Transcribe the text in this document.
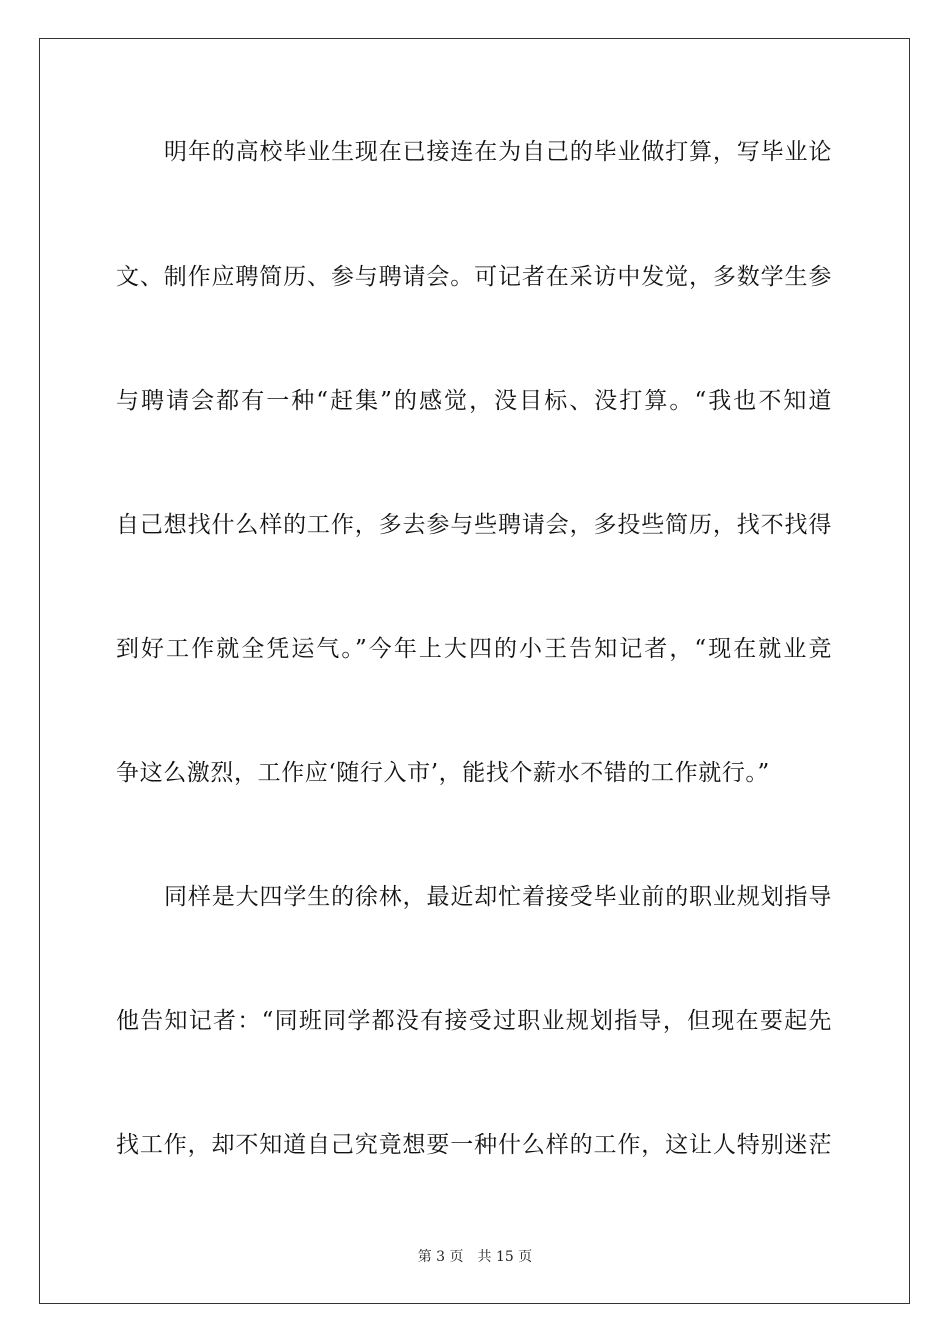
明年的高校毕业生现在已接连在为自己的毕业做打算，写毕业论
文、制作应聘简历、参与聘请会。可记者在采访中发觉，多数学生参
与聘请会都有一种“赶集”的感觉，没目标、没打算。“我也不知道
自己想找什么样的工作，多去参与些聘请会，多投些简历，找不找得
到好工作就全凭运气。”今年上大四的小王告知记者，“现在就业竞
争这么激烈，工作应‘随行入市’，能找个薪水不错的工作就行。”
同样是大四学生的徐林，最近却忙着接受毕业前的职业规划指导
他告知记者：“同班同学都没有接受过职业规划指导，但现在要起先
找工作，却不知道自己究竟想要一种什么样的工作，这让人特别迷茫
第 3 页 共 15 页
